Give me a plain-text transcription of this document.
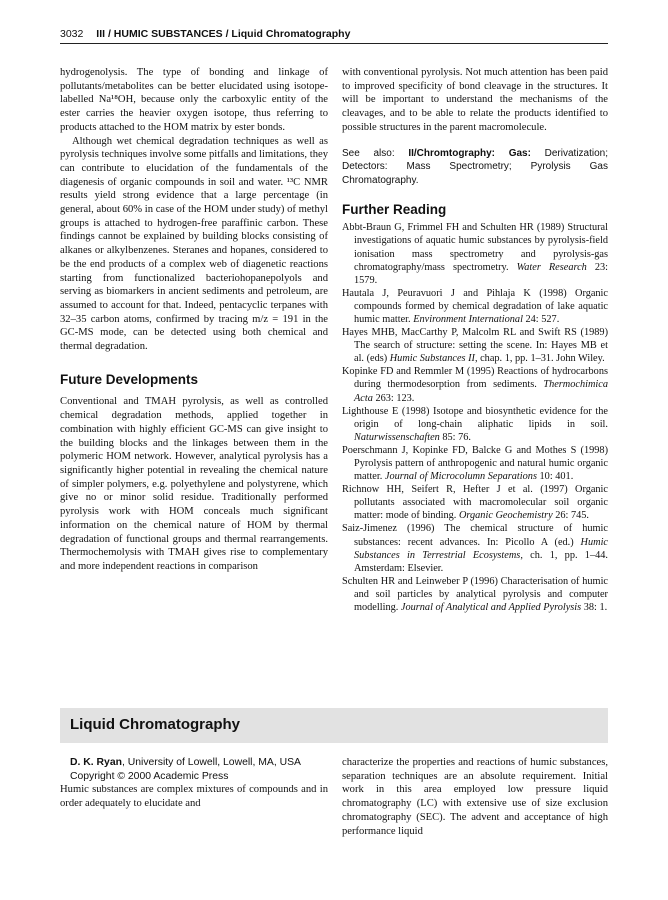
3032 III / HUMIC SUBSTANCES / Liquid Chromatography

hydrogenolysis. The type of bonding and linkage of pollutants/metabolites can be better elucidated using isotope-labelled Na¹⁸OH, because only the carboxylic entity of the ester carries the heavier oxygen isotope, thus referring to products attached to the HOM matrix by ester bonds.

Although wet chemical degradation techniques as well as pyrolysis techniques involve some pitfalls and limitations, they can contribute to elucidation of the fundamentals of the diagenesis of organic compounds in soil and water. ¹³C NMR results yield strong evidence that a large percentage (in general, about 60% in case of the HOM under study) of methyl groups is attached to hydrogen-free paraffinic carbon. These findings cannot be explained by building blocks consisting of alkanes or alkylbenzenes. Steranes and hopanes, considered to be the end products of a complex web of diagenetic reactions starting from functionalized bacteriohopanepolyols and serving as biomarkers in ancient sediments and petroleum, are assumed to account for that. Indeed, pentacyclic terpanes with 32–35 carbon atoms, confirmed by tracing m/z = 191 in the GC-MS mode, can be detected using both chemical and thermal degradation.

Future Developments

Conventional and TMAH pyrolysis, as well as controlled chemical degradation methods, applied together in combination with highly efficient GC-MS can give insight to the building blocks and the linkages between them in the polymeric HOM network. However, analytical pyrolysis has a significantly higher potential in revealing the chemical nature of simpler polymers, e.g. polyethylene and polystyrene, which give no or minor solid residue. Traditionally performed pyrolysis work with HOM conceals much significant information on the chemical nature of HOM by thermal degradation of functional groups and thermal rearrangements. Thermochemolysis with TMAH gives rise to complementary and more independent reactions in comparison

with conventional pyrolysis. Not much attention has been paid to improved specificity of bond cleavage in the structures. It will be important to understand the mechanisms of the cleavages, and to be able to relate the products identified to possible structures in the parent macromolecule.

See also: II/Chromtography: Gas: Derivatization; Detectors: Mass Spectrometry; Pyrolysis Gas Chromatography.

Further Reading

Abbt-Braun G, Frimmel FH and Schulten HR (1989) Structural investigations of aquatic humic substances by pyrolysis-field ionisation mass spectrometry and pyrolysis-gas chromatography/mass spectrometry. Water Research 23: 1579.

Hautala J, Peuravuori J and Pihlaja K (1998) Organic compounds formed by chemical degradation of lake aquatic humic matter. Environment International 24: 527.

Hayes MHB, MacCarthy P, Malcolm RL and Swift RS (1989) The search of structure: setting the scene. In: Hayes MB et al. (eds) Humic Substances II, chap. 1, pp. 1–31. John Wiley.

Kopinke FD and Remmler M (1995) Reactions of hydrocarbons during thermodesorption from sediments. Thermochimica Acta 263: 123.

Lighthouse E (1998) Isotope and biosynthetic evidence for the origin of long-chain aliphatic lipids in soil. Naturwissenschaften 85: 76.

Poerschmann J, Kopinke FD, Balcke G and Mothes S (1998) Pyrolysis pattern of anthropogenic and natural humic organic matter. Journal of Microcolumn Separations 10: 401.

Richnow HH, Seifert R, Hefter J et al. (1997) Organic pollutants associated with macromolecular soil organic matter: mode of binding. Organic Geochemistry 26: 745.

Saiz-Jimenez (1996) The chemical structure of humic substances: recent advances. In: Picollo A (ed.) Humic Substances in Terrestrial Ecosystems, ch. 1, pp. 1–44. Amsterdam: Elsevier.

Schulten HR and Leinweber P (1996) Characterisation of humic and soil particles by analytical pyrolysis and computer modelling. Journal of Analytical and Applied Pyrolysis 38: 1.

Liquid Chromatography

D. K. Ryan, University of Lowell, Lowell, MA, USA

Copyright © 2000 Academic Press

Humic substances are complex mixtures of compounds and in order adequately to elucidate and

characterize the properties and reactions of humic substances, separation techniques are an absolute requirement. Initial work in this area employed low pressure liquid chromatography (LC) with extensive use of size exclusion chromatography (SEC). The advent and acceptance of high performance liquid
